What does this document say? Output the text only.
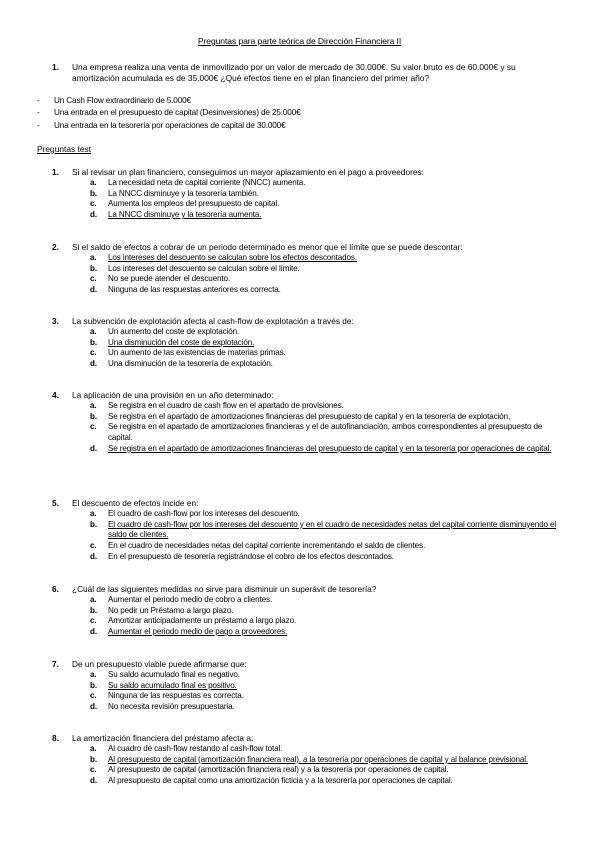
Preguntas para parte teórica de Dirección Financiera II
1.	Una empresa realiza una venta de inmovilizado por un valor de mercado de 30.000€. Su valor bruto es de 60.000€ y su amortización acumulada es de 35.000€ ¿Qué efectos tiene en el plan financiero del primer año?
- Un Cash Flow extraordinario de 5.000€
- Una entrada en el presupuesto de capital (Desinversiones) de 25.000€
- Una entrada en la tesorería por operaciones de capital de 30.000€
Preguntas test
1.	Si al revisar un plan financiero, conseguimos un mayor aplazamiento en el pago a proveedores:
a.	La necesidad neta de capital corriente (NNCC) aumenta.
b.	La NNCC disminuye y la tesorería también.
c.	Aumenta los empleos del presupuesto de capital.
d.	La NNCC disminuye y la tesorería aumenta.
2.	Si el saldo de efectos a cobrar de un periodo determinado es menor que el límite que se puede descontar:
a.	Los intereses del descuento se calculan sobre los efectos descontados.
b.	Los intereses del descuento se calculan sobre el límite.
c.	No se puede atender el descuento.
d.	Ninguna de las respuestas anteriores es correcta.
3.	La subvención de explotación afecta al cash-flow de explotación a través de:
a.	Un aumento del coste de explotación.
b.	Una disminución del coste de explotación.
c.	Un aumento de las existencias de materias primas.
d.	Una disminución de la tesorería de explotación.
4.	La aplicación de una provisión en un año determinado:
a.	Se registra en el cuadro de cash flow en el apartado de provisiones.
b.	Se registra en el apartado de amortizaciones financieras del presupuesto de capital y en la tesorería de explotación,
c.	Se registra en el apartado de amortizaciones financieras y el de autofinanciación, ambos correspondientes al presupuesto de capital.
d.	Se registra en el apartado de amortizaciones financieras del presupuesto de capital y en la tesorería por operaciones de capital.
5.	El descuento de efectos incide en:
a.	El cuadro de cash-flow por los intereses del descuento.
b.	El cuadro de cash-flow por los intereses del descuento y en el cuadro de necesidades netas del capital corriente disminuyendo el saldo de clientes.
c.	En el cuadro de necesidades netas del capital corriente incrementando el saldo de clientes.
d.	En el presupuesto de tesorería registrándose el cobro de los efectos descontados.
6.	¿Cuál de las siguientes medidas no sirve para disminuir un superávit de tesorería?
a.	Aumentar el periodo medio de cobro a clientes.
b.	No pedir un Préstamo a largo plazo.
c.	Amortizar anticipadamente un préstamo a largo plazo.
d.	Aumentar el periodo medio de pago a proveedores.
7.	De un presupuesto viable puede afirmarse que:
a.	Su saldo acumulado final es negativo.
b.	Su saldo acumulado final es positivo.
c.	Ninguna de las respuestas es correcta.
d.	No necesita revisión presupuestaria.
8.	La amortización financiera del préstamo afecta a:
a.	Al cuadro de cash-flow restando al cash-flow total.
b.	Al presupuesto de capital (amortización financiera real), a la tesorería por operaciones de capital y al balance previsional.
c.	Al presupuesto de capital (amortización financiera real) y a la tesorería por operaciones de capital.
d.	Al presupuesto de capital como una amortización ficticia y a la tesorería por operaciones de capital.
